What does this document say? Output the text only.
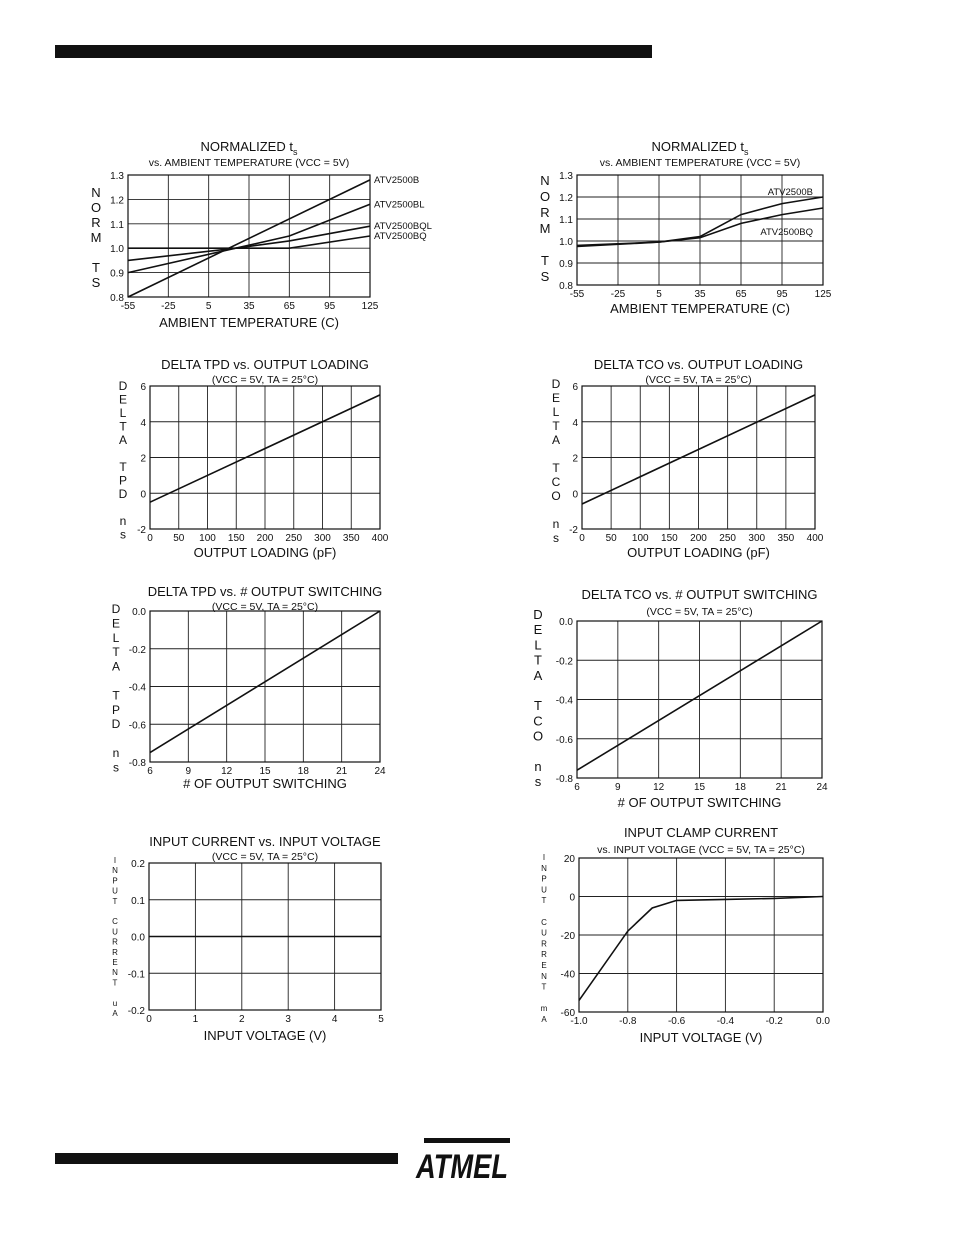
ATMEL
NORMALIZED $t_s$
vs. AMBIENT TEMPERATURE (VCC = 5V)
-55	-25	5	35	65	95	125
0.8
0.9
1.0
1.1
1.2
1.3
AMBIENT TEMPERATURE (C)
N
O
R
M
T
S
ATV2500B
ATV2500BL
ATV2500BQL
ATV2500BQ
NORMALIZED $t_s$
vs. AMBIENT TEMPERATURE (VCC = 5V)
-55	-25	5	35	65	95	125
0.8
0.9
1.0
1.1
1.2
1.3
AMBIENT TEMPERATURE (C)
N
O
R
M
T
S
ATV2500B
ATV2500BQ
DELTA TPD vs. OUTPUT LOADING
(VCC = 5V, TA = 25°C)
0 50 100 150 200 250 300 350 400
-2
0
2
4
6
OUTPUT LOADING (pF)
D
E
L
T
A
T
P
D
n
s
DELTA TCO vs. OUTPUT LOADING
(VCC = 5V, TA = 25°C)
0 50 100 150 200 250 300 350 400
-2
0
2
4
6
OUTPUT LOADING (pF)
D
E
L
T
A
T
C
O
n
s
DELTA TPD vs. # OUTPUT SWITCHING
(VCC = 5V, TA = 25°C)
6	9	12	15	18	21	24
-0.8
-0.6
-0.4
-0.2
0.0
# OF OUTPUT SWITCHING
D
E
L
T
A
T
P
D
n
s
DELTA TCO vs. # OUTPUT SWITCHING
(VCC = 5V, TA = 25°C)
6	9	12	15	18	21	24
-0.8
-0.6
-0.4
-0.2
0.0
# OF OUTPUT SWITCHING
D
E
L
T
A
T
C
O
n
s
INPUT CURRENT vs. INPUT VOLTAGE
(VCC = 5V, TA = 25°C)
0	1	2	3	4	5
-0.2
-0.1
0.0
0.1
0.2
INPUT VOLTAGE (V)
I
N
P
U
T
C
U
R
R
E
N
T
u
A
INPUT CLAMP CURRENT
vs. INPUT VOLTAGE (VCC = 5V, TA = 25°C)
-1.0	-0.8	-0.6	-0.4	-0.2	0.0
-60
-40
-20
0
20
INPUT VOLTAGE (V)
I
N
P
U
T
C
U
R
R
E
N
T
m
A
